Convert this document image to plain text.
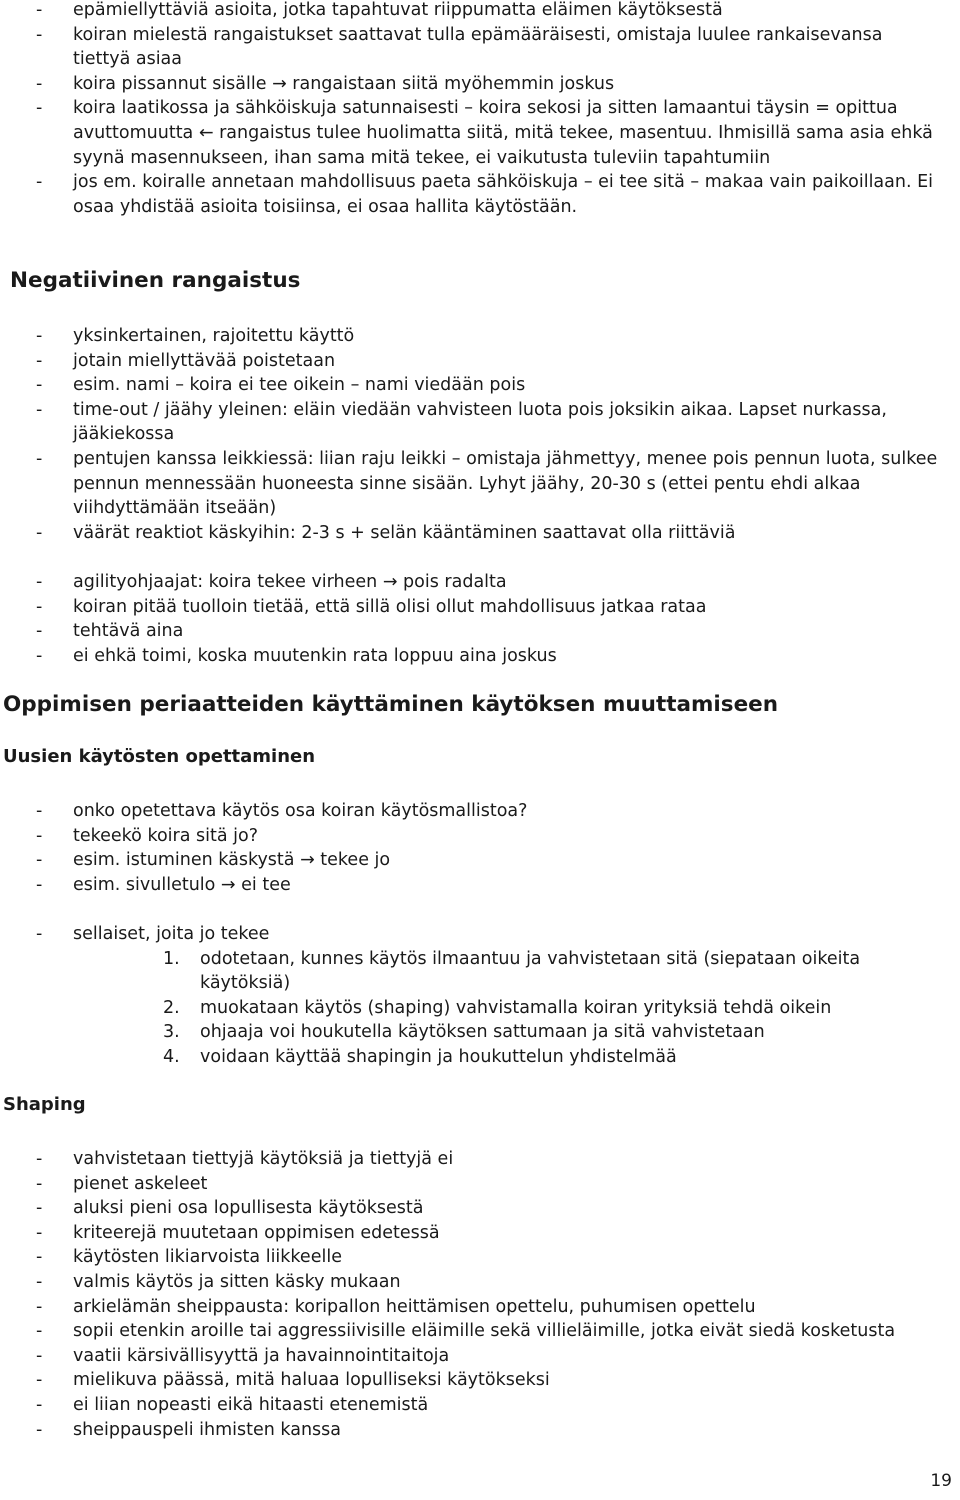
- epämiellyttäviä asioita, jotka tapahtuvat riippumatta eläimen käytöksestä
- koiran mielestä rangaistukset saattavat tulla epämääräisesti, omistaja luulee rankaisevansa tiettyä asiaa
- koira pissannut sisälle → rangaistaan siitä myöhemmin joskus
- koira laatikossa ja sähköiskuja satunnaisesti – koira sekosi ja sitten lamaantui täysin = opittua avuttomuutta ← rangaistus tulee huolimatta siitä, mitä tekee, masentuu. Ihmisillä sama asia ehkä syynä masennukseen, ihan sama mitä tekee, ei vaikutusta tuleviin tapahtumiin
- jos em. koiralle annetaan mahdollisuus paeta sähköiskuja – ei tee sitä – makaa vain paikoillaan. Ei osaa yhdistää asioita toisiinsa, ei osaa hallita käytöstään.
Negatiivinen rangaistus
- yksinkertainen, rajoitettu käyttö
- jotain miellyttävää poistetaan
- esim. nami – koira ei tee oikein – nami viedään pois
- time-out / jäähy yleinen: eläin viedään vahvisteen luota pois joksikin aikaa. Lapset nurkassa, jääkiekossa
- pentujen kanssa leikkiessä: liian raju leikki – omistaja jähmettyy, menee pois pennun luota, sulkee pennun mennessään huoneesta sinne sisään. Lyhyt jäähy, 20-30 s (ettei pentu ehdi alkaa viihdyttämään itseään)
- väärät reaktiot käskyihin: 2-3 s + selän kääntäminen saattavat olla riittäviä
- agilityohjaajat: koira tekee virheen → pois radalta
- koiran pitää tuolloin tietää, että sillä olisi ollut mahdollisuus jatkaa rataa
- tehtävä aina
- ei ehkä toimi, koska muutenkin rata loppuu aina joskus
Oppimisen periaatteiden käyttäminen käytöksen muuttamiseen
Uusien käytösten opettaminen
- onko opetettava käytös osa koiran käytösmallistoa?
- tekeekö koira sitä jo?
- esim. istuminen käskystä → tekee jo
- esim. sivulletulo → ei tee
- sellaiset, joita jo tekee
1. odotetaan, kunnes käytös ilmaantuu ja vahvistetaan sitä (siepataan oikeita käytöksiä)
2. muokataan käytös (shaping) vahvistamalla koiran yrityksiä tehdä oikein
3. ohjaaja voi houkutella käytöksen sattumaan ja sitä vahvistetaan
4. voidaan käyttää shapingin ja houkuttelun yhdistelmää
Shaping
- vahvistetaan tiettyjä käytöksiä ja tiettyjä ei
- pienet askeleet
- aluksi pieni osa lopullisesta käytöksestä
- kriteerejä muutetaan oppimisen edetessä
- käytösten likiarvoista liikkeelle
- valmis käytös ja sitten käsky mukaan
- arkielämän sheippausta: koripallon heittämisen opettelu, puhumisen opettelu
- sopii etenkin aroille tai aggressiivisille eläimille sekä villieläimille, jotka eivät siedä kosketusta
- vaatii kärsivällisyyttä ja havainnointitaitoja
- mielikuva päässä, mitä haluaa lopulliseksi käytökseksi
- ei liian nopeasti eikä hitaasti etenemistä
- sheippauspeli ihmisten kanssa
19
